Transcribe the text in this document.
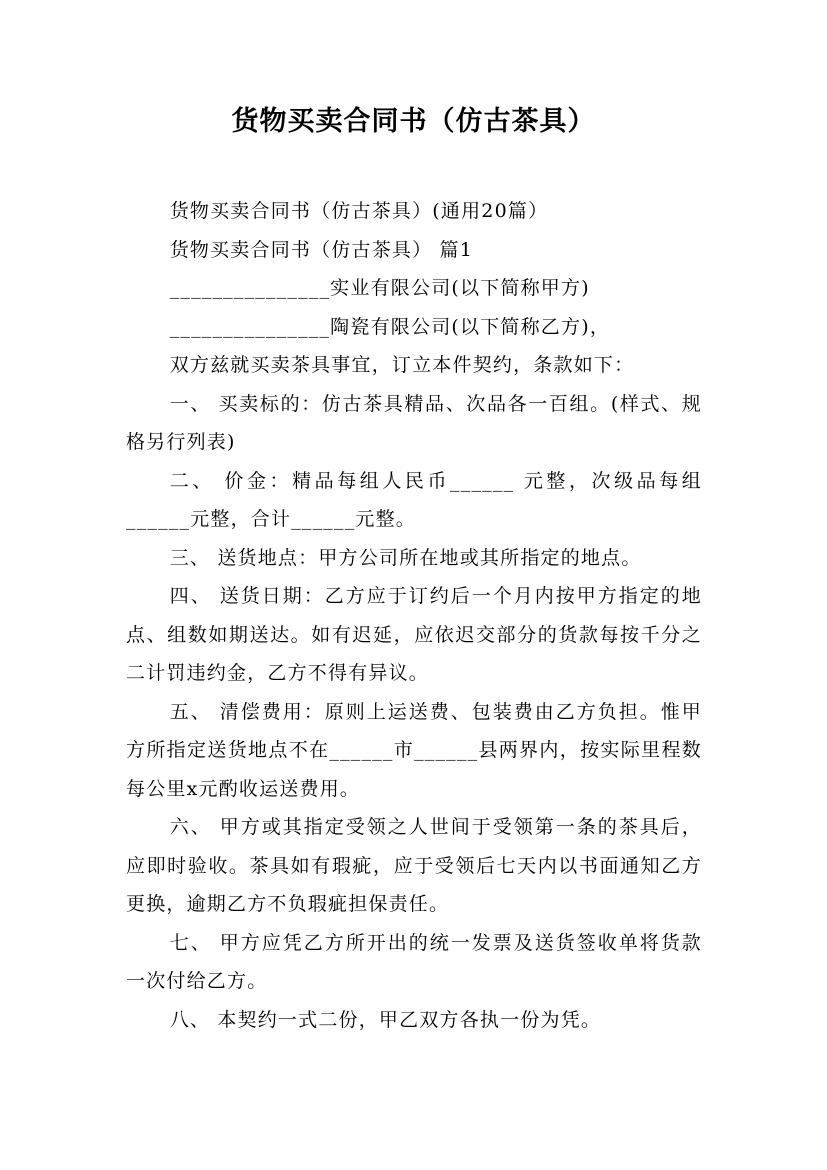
货物买卖合同书（仿古茶具）

货物买卖合同书（仿古茶具）(通用20篇）

货物买卖合同书（仿古茶具） 篇1

_______________实业有限公司(以下简称甲方)

_______________陶瓷有限公司(以下简称乙方)，

双方兹就买卖茶具事宜，订立本件契约，条款如下：

一、 买卖标的：仿古茶具精品、次品各一百组。(样式、规格另行列表)

二、 价金：精品每组人民币______ 元整，次级品每组______元整，合计______元整。

三、 送货地点：甲方公司所在地或其所指定的地点。

四、 送货日期：乙方应于订约后一个月内按甲方指定的地点、组数如期送达。如有迟延，应依迟交部分的货款每按千分之二计罚违约金，乙方不得有异议。

五、 清偿费用：原则上运送费、包装费由乙方负担。惟甲方所指定送货地点不在______市______县两界内，按实际里程数每公里x元酌收运送费用。

六、 甲方或其指定受领之人世间于受领第一条的茶具后，应即时验收。茶具如有瑕疵，应于受领后七天内以书面通知乙方更换，逾期乙方不负瑕疵担保责任。

七、 甲方应凭乙方所开出的统一发票及送货签收单将货款一次付给乙方。

八、 本契约一式二份，甲乙双方各执一份为凭。
